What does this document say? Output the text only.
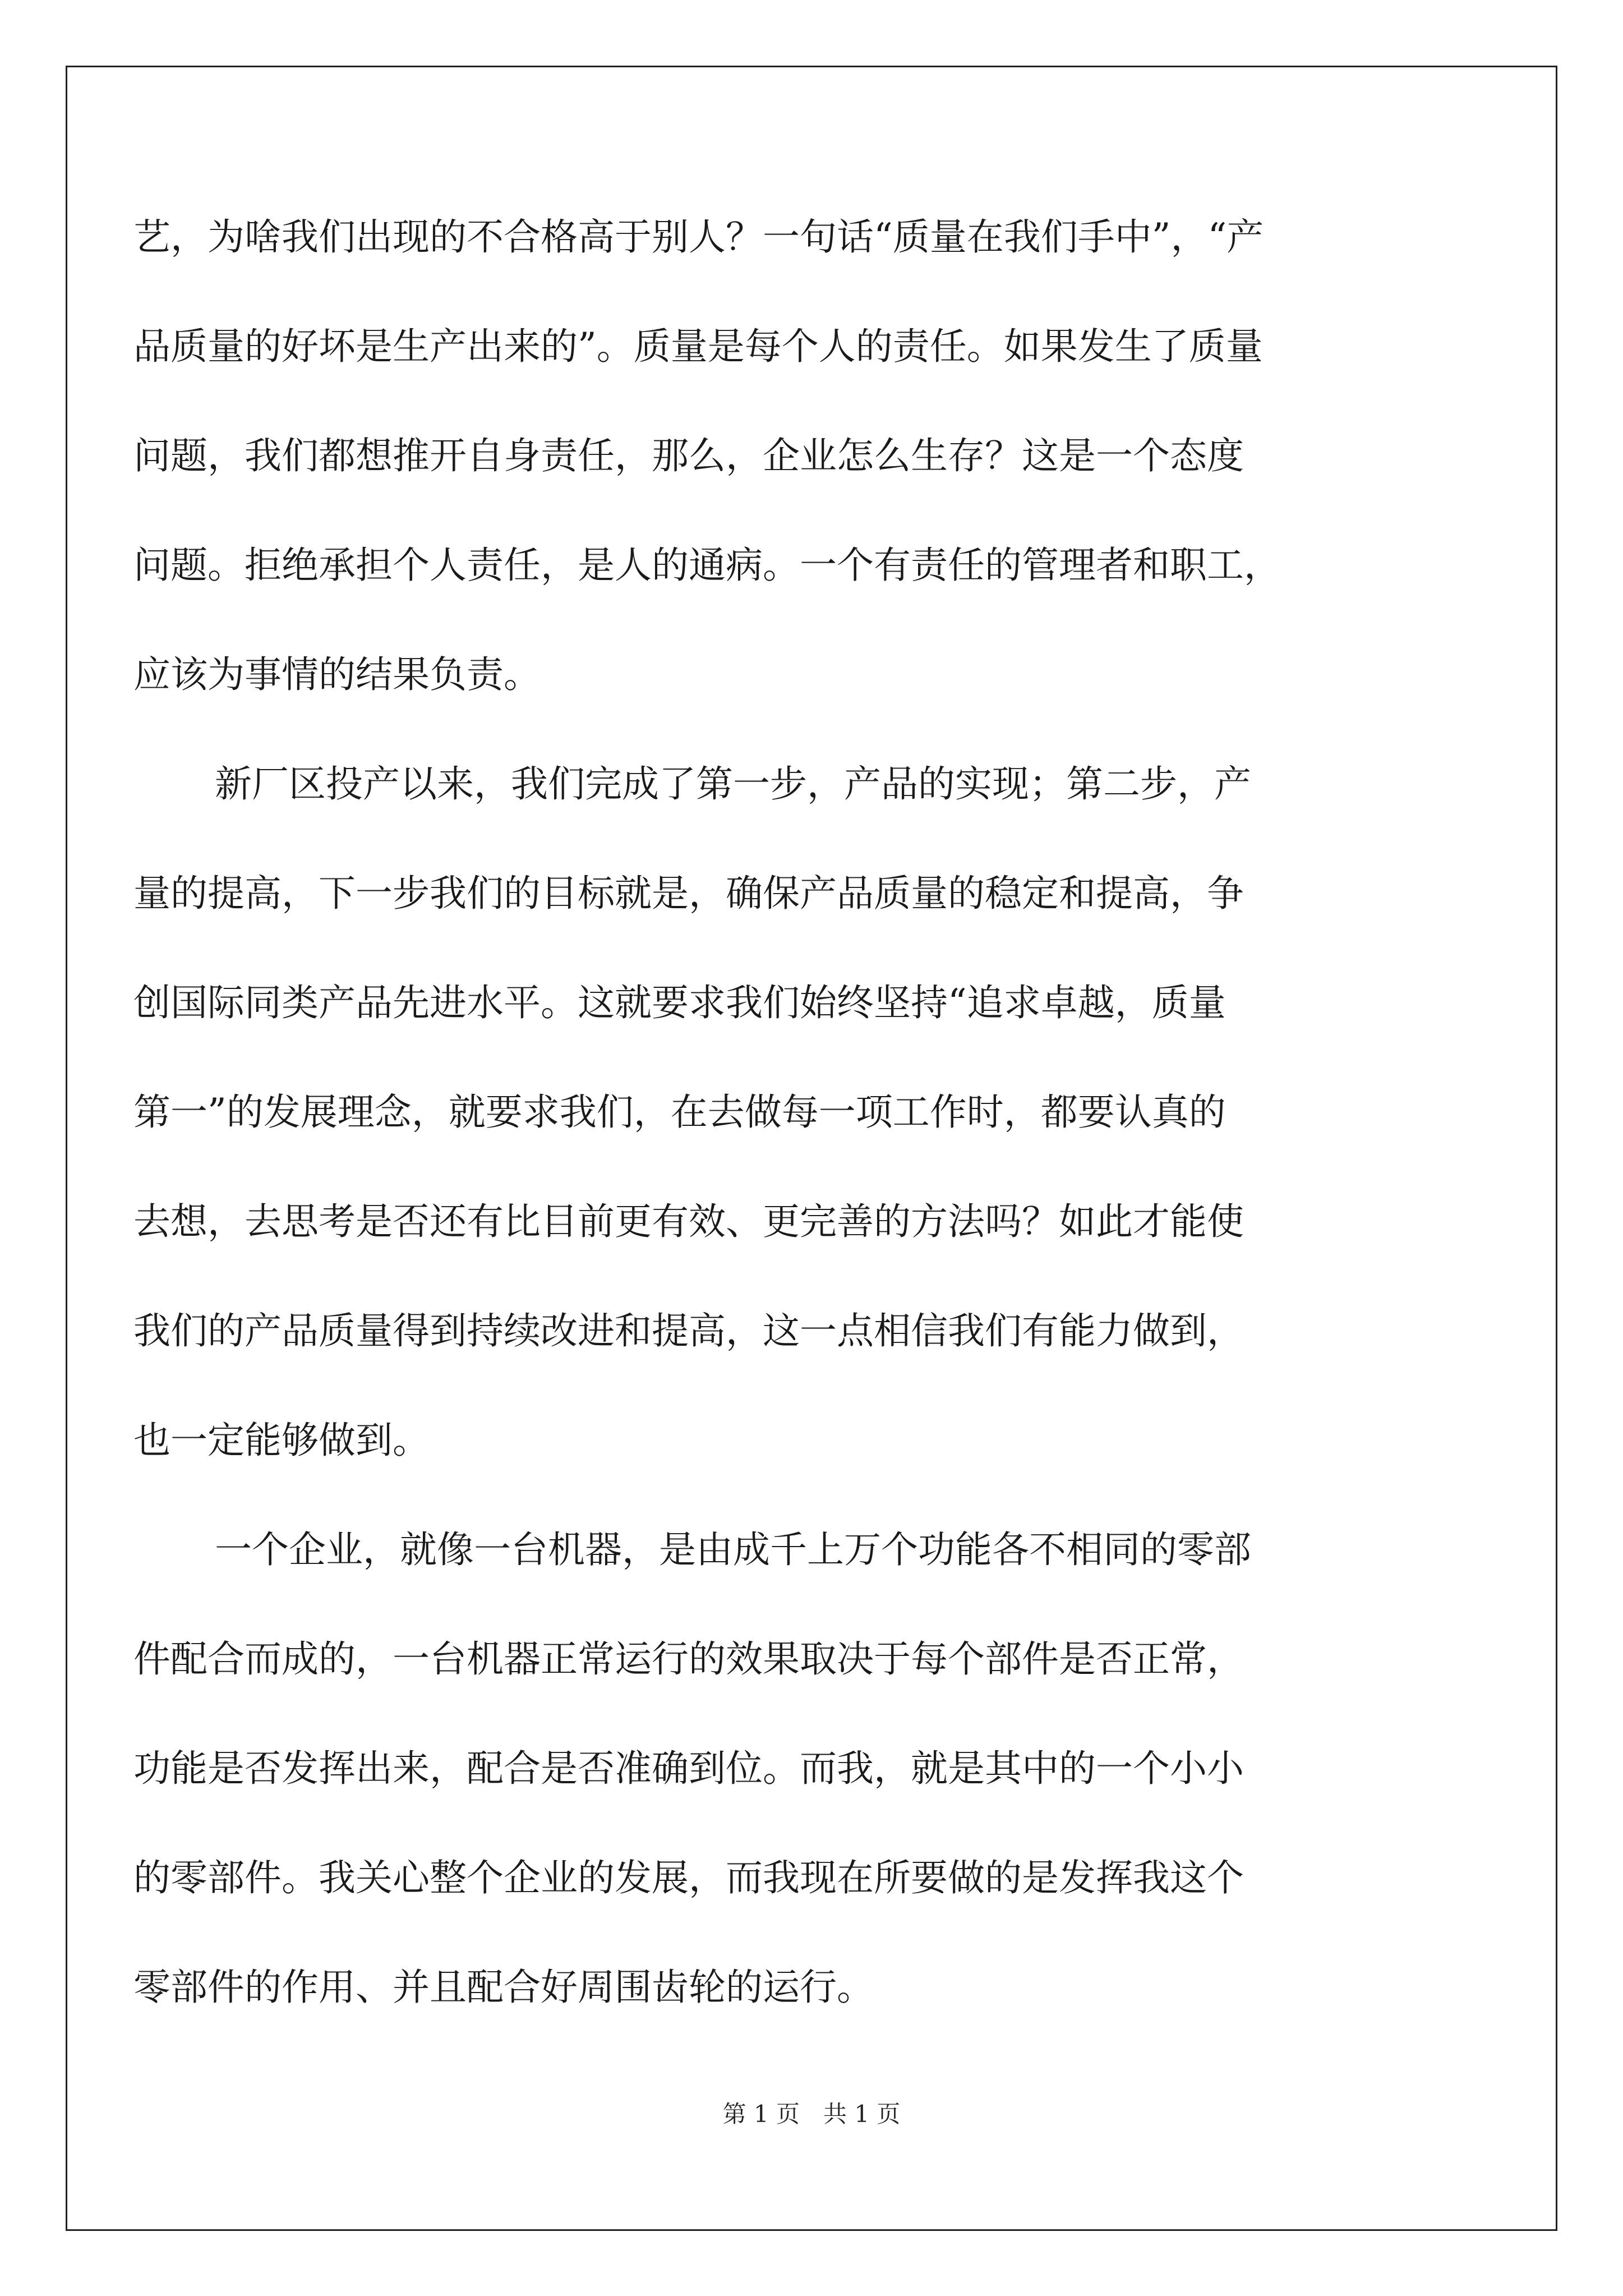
艺，为啥我们出现的不合格高于别人？一句话“质量在我们手中”，“产
品质量的好坏是生产出来的”。质量是每个人的责任。如果发生了质量
问题，我们都想推开自身责任，那么，企业怎么生存？这是一个态度
问题。拒绝承担个人责任，是人的通病。一个有责任的管理者和职工，
应该为事情的结果负责。
新厂区投产以来，我们完成了第一步，产品的实现；第二步，产
量的提高，下一步我们的目标就是，确保产品质量的稳定和提高，争
创国际同类产品先进水平。这就要求我们始终坚持“追求卓越，质量
第一”的发展理念，就要求我们，在去做每一项工作时，都要认真的
去想，去思考是否还有比目前更有效、更完善的方法吗？如此才能使
我们的产品质量得到持续改进和提高，这一点相信我们有能力做到，
也一定能够做到。
一个企业，就像一台机器，是由成千上万个功能各不相同的零部
件配合而成的，一台机器正常运行的效果取决于每个部件是否正常，
功能是否发挥出来，配合是否准确到位。而我，就是其中的一个小小
的零部件。我关心整个企业的发展，而我现在所要做的是发挥我这个
零部件的作用、并且配合好周围齿轮的运行。
第 1 页　共 1 页
